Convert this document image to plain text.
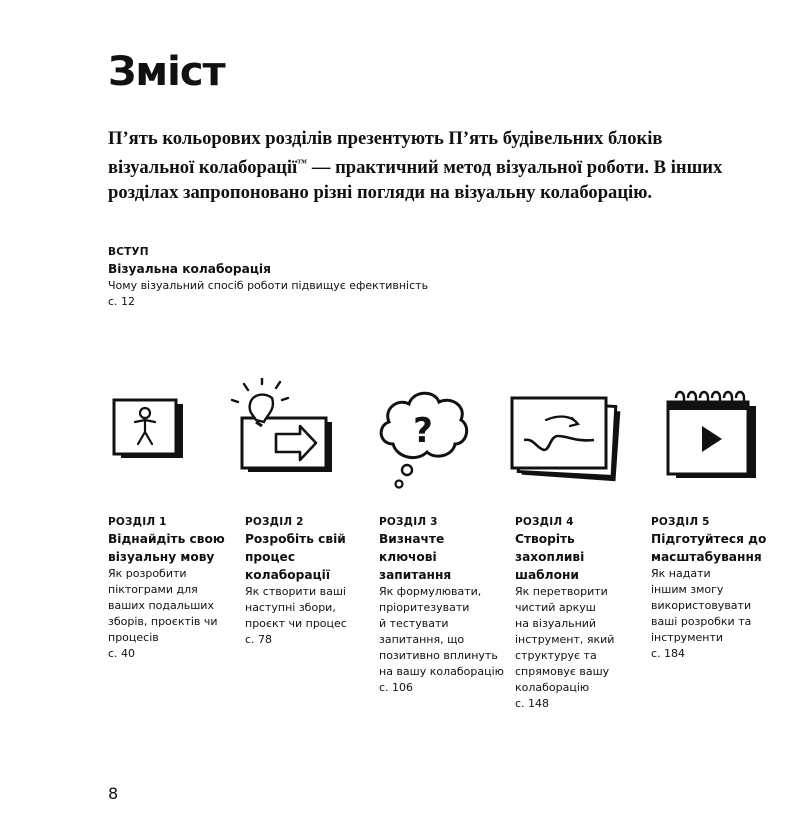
Зміст

П’ять кольорових розділів презентують П’ять будівельних блоків візуальної колаборації™ — практичний метод візуальної роботи. В інших розділах запропоновано різні погляди на візуальну колаборацію.

ВСТУП
Візуальна колаборація
Чому візуальний спосіб роботи підвищує ефективність
с. 12
?
РОЗДІЛ 1
Віднайдіть свою візуальну мову
Як розробити
піктограми для
ваших подальших
зборів, проєктів чи
процесів
с. 40
РОЗДІЛ 2
Розробіть свій процес колаборації
Як створити ваші
наступні збори,
проєкт чи процес
с. 78
РОЗДІЛ 3
Визначте ключові запитання
Як формулювати,
пріоритезувати
й тестувати
запитання, що
позитивно вплинуть
на вашу колаборацію
с. 106
РОЗДІЛ 4
Створіть захопливі шаблони
Як перетворити
чистий аркуш
на візуальний
інструмент, який
структурує та
спрямовує вашу
колаборацію
с. 148
РОЗДІЛ 5
Підготуйтеся до масштабування
Як надати
іншим змогу
використовувати
ваші розробки та
інструменти
с. 184
8
